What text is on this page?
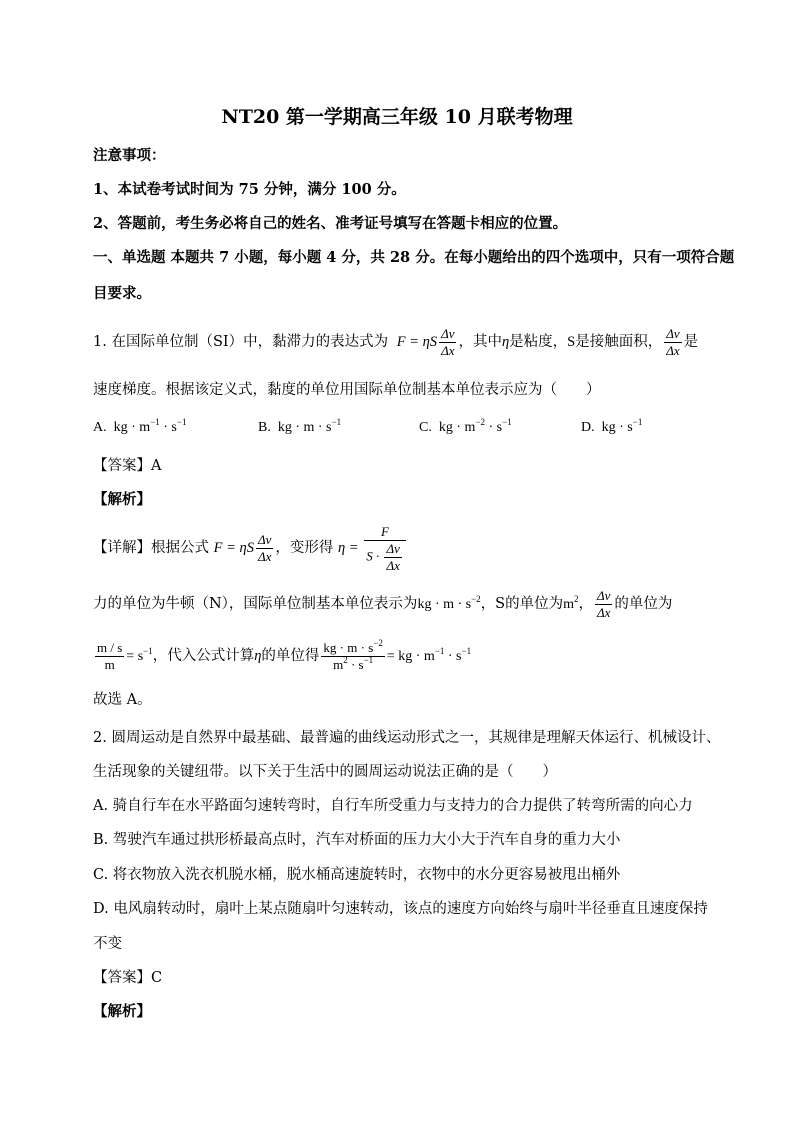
NT20 第一学期高三年级 10 月联考物理
注意事项：
1、本试卷考试时间为 75 分钟，满分 100 分。
2、答题前，考生务必将自己的姓名、准考证号填写在答题卡相应的位置。
一、单选题 本题共 7 小题，每小题 4 分，共 28 分。在每小题给出的四个选项中，只有一项符合题
目要求。
1. 在国际单位制（SI）中，黏滞力的表达式为 F = ηS $\frac{\Delta v}{\Delta x}$ ，其中η是粘度，S是接触面积， $\frac{\Delta v}{\Delta x}$ 是
速度梯度。根据该定义式，黏度的单位用国际单位制基本单位表示应为（　　）
A. kg · $m^{-1} \cdot s^{-1}$	B. kg · $m \cdot s^{-1}$	C. kg · $m^{-2} \cdot s^{-1}$	D. kg · $s^{-1}$
【答案】A
【解析】
【详解】根据公式 F = ηS $\frac{\Delta v}{\Delta x}$ ，变形得 $\eta = \frac{F}{S \cdot \frac{\Delta v}{\Delta x}}$
力的单位为牛顿（N），国际单位制基本单位表示为kg · $m \cdot s^{-2}$，S的单位为$m^2$， $\frac{\Delta v}{\Delta x}$ 的单位为
$\frac{m / s}{m} = s^{-1}$，代入公式计算η的单位得 $\frac{kg \cdot m \cdot s^{-2}}{m^2 \cdot s^{-1}}$ = kg · $m^{-1} \cdot s^{-1}$
故选 A。
2. 圆周运动是自然界中最基础、最普遍的曲线运动形式之一，其规律是理解天体运行、机械设计、
生活现象的关键纽带。以下关于生活中的圆周运动说法正确的是（　　）
A. 骑自行车在水平路面匀速转弯时，自行车所受重力与支持力的合力提供了转弯所需的向心力
B. 驾驶汽车通过拱形桥最高点时，汽车对桥面的压力大小大于汽车自身的重力大小
C. 将衣物放入洗衣机脱水桶，脱水桶高速旋转时，衣物中的水分更容易被甩出桶外
D. 电风扇转动时，扇叶上某点随扇叶匀速转动，该点的速度方向始终与扇叶半径垂直且速度保持
不变
【答案】C
【解析】
